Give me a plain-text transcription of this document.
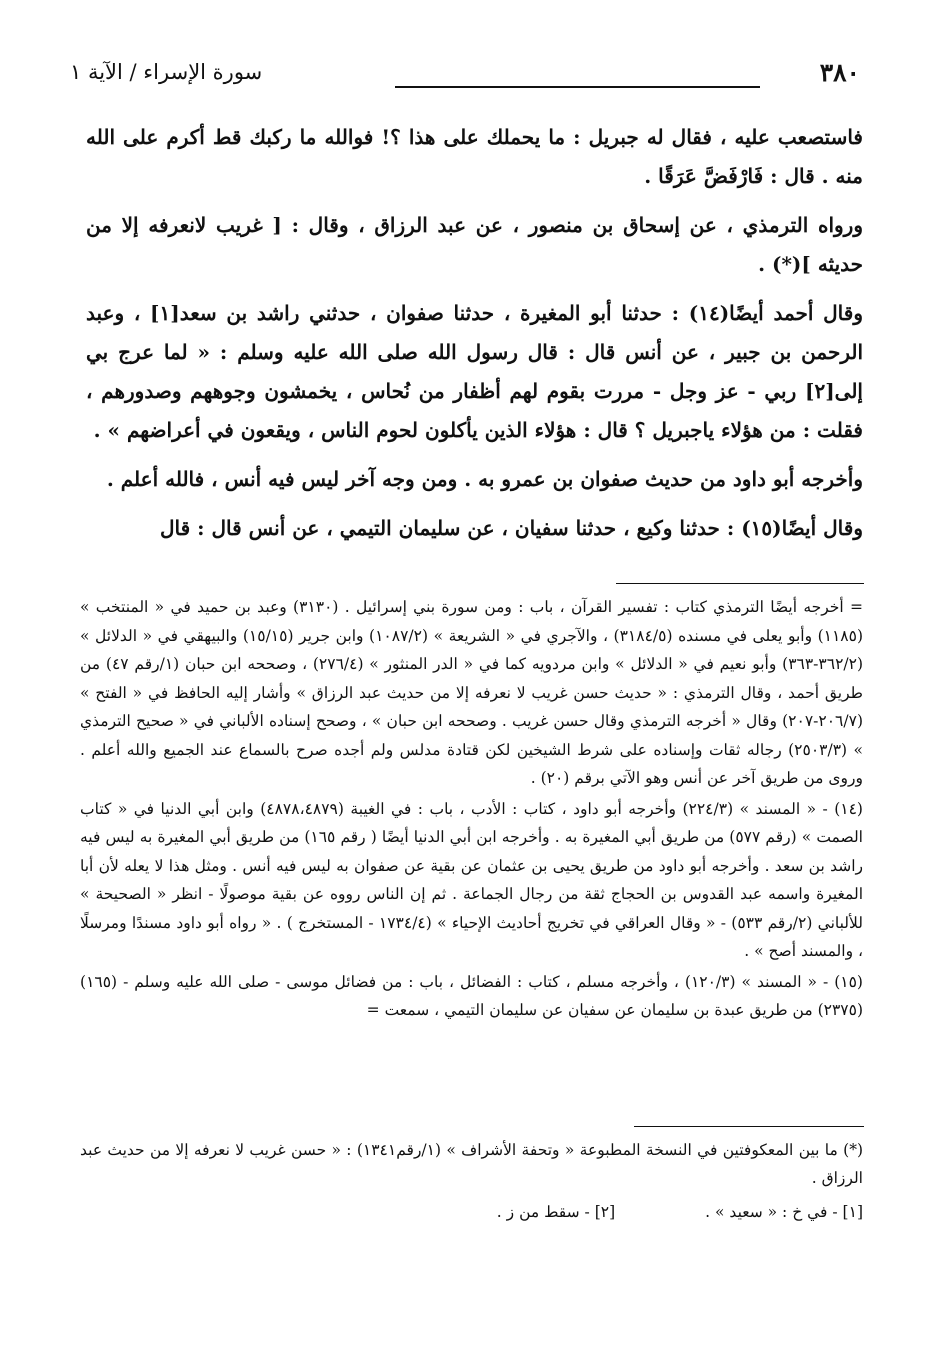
٣٨٠
سورة الإسراء / الآية ١

فاستصعب عليه ، فقال له جبريل : ما يحملك على هذا ؟! فوالله ما ركبك قط أكرم على الله منه . قال : فَارْفَضَّ عَرَقًا .

ورواه الترمذي ، عن إسحاق بن منصور ، عن عبد الرزاق ، وقال : [ غريب لانعرفه إلا من حديثه ](*) .

وقال أحمد أيضًا(١٤) : حدثنا أبو المغيرة ، حدثنا صفوان ، حدثني راشد بن سعد[١] ، وعبد الرحمن بن جبير ، عن أنس قال : قال رسول الله صلى الله عليه وسلم : « لما عرج بي إلى[٢] ربي - عز وجل - مررت بقوم لهم أظفار من نُحاس ، يخمشون وجوههم وصدورهم ، فقلت : من هؤلاء ياجبريل ؟ قال : هؤلاء الذين يأكلون لحوم الناس ، ويقعون في أعراضهم » .

وأخرجه أبو داود من حديث صفوان بن عمرو به . ومن وجه آخر ليس فيه أنس ، فالله أعلم .

وقال أيضًا(١٥) : حدثنا وكيع ، حدثنا سفيان ، عن سليمان التيمي ، عن أنس قال : قال

= أخرجه أيضًا الترمذي كتاب : تفسير القرآن ، باب : ومن سورة بني إسرائيل . (٣١٣٠) وعبد بن حميد في « المنتخب » (١١٨٥) وأبو يعلى في مسنده (٣١٨٤/٥) ، والآجري في « الشريعة » (١٠٨٧/٢) وابن جرير (١٥/١٥) والبيهقي في « الدلائل » (٣٦٢/٢-٣٦٣) وأبو نعيم في « الدلائل » وابن مردويه كما في « الدر المنثور » (٢٧٦/٤) ، وصححه ابن حبان (١/رقم ٤٧) من طريق أحمد ، وقال الترمذي : « حديث حسن غريب لا نعرفه إلا من حديث عبد الرزاق » وأشار إليه الحافظ في « الفتح » (٢٠٦/٧-٢٠٧) وقال « أخرجه الترمذي وقال حسن غريب . وصححه ابن حبان » ، وصحح إسناده الألباني في « صحيح الترمذي » (٢٥٠٣/٣) رجاله ثقات وإسناده على شرط الشيخين لكن قتادة مدلس ولم أجده صرح بالسماع عند الجميع والله أعلم . وروى من طريق آخر عن أنس وهو الآتي برقم (٢٠) .

(١٤) - « المسند » (٢٢٤/٣) وأخرجه أبو داود ، كتاب : الأدب ، باب : في الغيبة (٤٨٧٨،٤٨٧٩) وابن أبي الدنيا في « كتاب الصمت » (رقم ٥٧٧) من طريق أبي المغيرة به . وأخرجه ابن أبي الدنيا أيضًا ( رقم ١٦٥) من طريق أبي المغيرة به ليس فيه راشد بن سعد . وأخرجه أبو داود من طريق يحيى بن عثمان عن بقية عن صفوان به ليس فيه أنس . ومثل هذا لا يعله لأن أبا المغيرة واسمه عبد القدوس بن الحجاج ثقة من رجال الجماعة . ثم إن الناس رووه عن بقية موصولًا - انظر « الصحيحة » للألباني (٢/رقم ٥٣٣) - « وقال العراقي في تخريج أحاديث الإحياء » (١٧٣٤/٤ - المستخرج ) . « رواه أبو داود مسندًا ومرسلًا ، والمسند أصح » .

(١٥) - « المسند » (١٢٠/٣) ، وأخرجه مسلم ، كتاب : الفضائل ، باب : من فضائل موسى - صلى الله عليه وسلم - (١٦٥) (٢٣٧٥) من طريق عبدة بن سليمان عن سفيان عن سليمان التيمي ، سمعت =

(*) ما بين المعكوفتين في النسخة المطبوعة « وتحفة الأشراف » (١/رقم١٣٤١) : « حسن غريب لا نعرفه إلا من حديث عبد الرزاق .

[١] - في خ : « سعيد » .
[٢] - سقط من ز .
